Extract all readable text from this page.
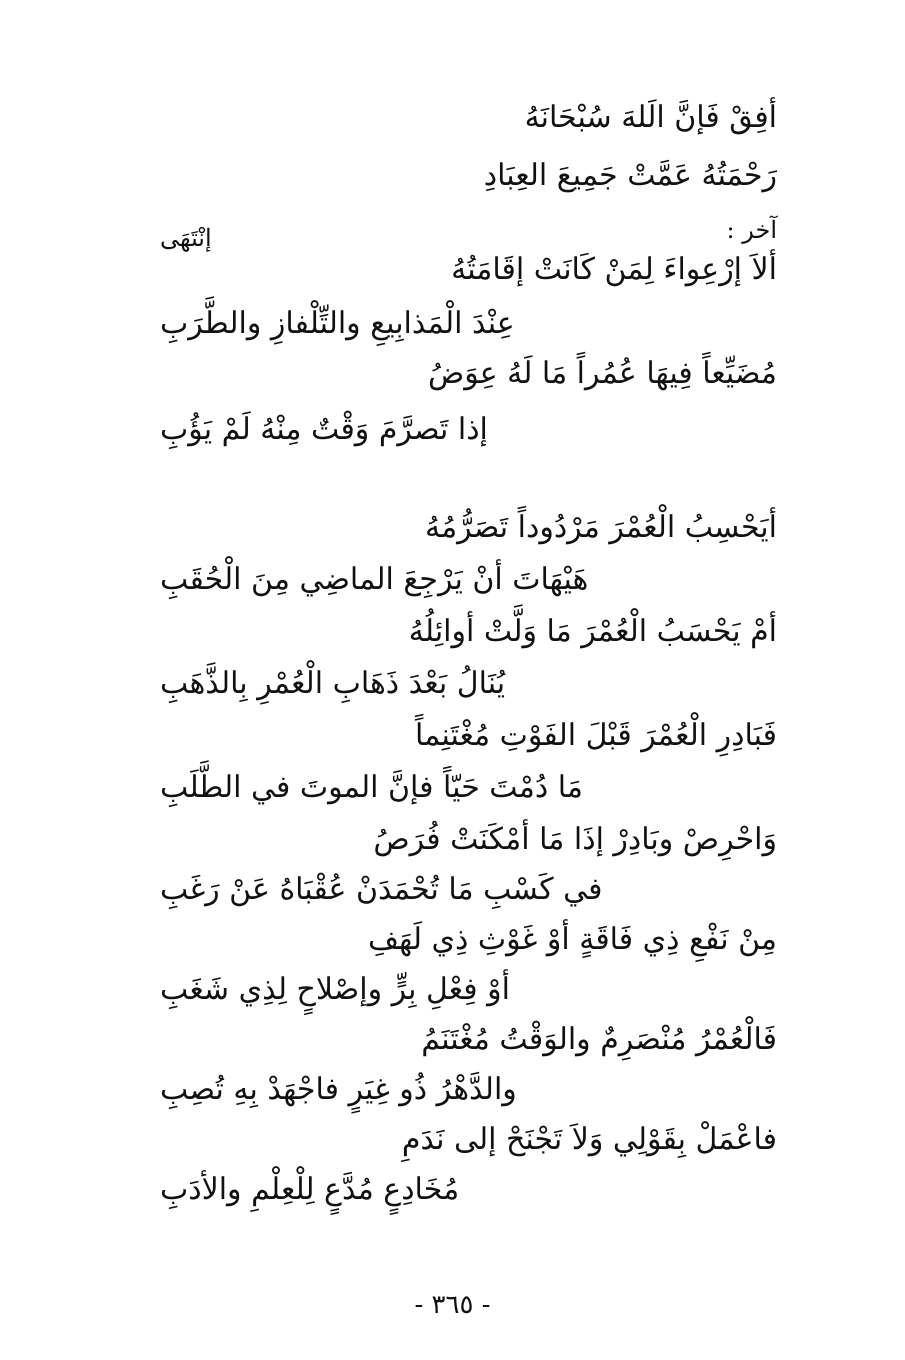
أفِقْ فَإنَّ الَلهَ سُبْحَانَهُ
رَحْمَتُهُ عَمَّتْ جَمِيعَ العِبَادِ
آخر :
إنْتَهَى
ألاَ إرْعِواءَ لِمَنْ كَانَتْ إقَامَتُهُ
عِنْدَ الْمَذابِيعِ والتِّلْفازِ والطَّرَبِ
مُضَيِّعاً فِيهَا عُمُراً مَا لَهُ عِوَضُ
إذا تَصرَّمَ وَقْتٌ مِنْهُ لَمْ يَؤُبِ
أيَحْسِبُ الْعُمْرَ مَرْدُوداً تَصَرُّمُهُ
هَيْهَاتَ أنْ يَرْجِعَ الماضِي مِنَ الْحُقَبِ
أمْ يَحْسَبُ الْعُمْرَ مَا وَلَّتْ أوائِلُهُ
يُنَالُ بَعْدَ ذَهَابِ الْعُمْرِ بِالذَّهَبِ
فَبَادِرِ الْعُمْرَ قَبْلَ الفَوْتِ مُغْتَنِماً
مَا دُمْتَ حَيّاً فإنَّ الموتَ في الطَّلَبِ
وَاحْرِصْ وبَادِرْ إذَا مَا أمْكَنَتْ فُرَصُ
في كَسْبِ مَا تُحْمَدَنْ عُقْبَاهُ عَنْ رَغَبِ
مِنْ نَفْعِ ذِي فَاقَةٍ أوْ غَوْثِ ذِي لَهَفِ
أوْ فِعْلِ بِرٍّ وإصْلاحٍ لِذِي شَغَبِ
فَالْعُمْرُ مُنْصَرِمٌ والوَقْتُ مُغْتَنَمُ
والدَّهْرُ ذُو غِيَرٍ فاجْهَدْ بِهِ تُصِبِ
فاعْمَلْ بِقَوْلِي وَلاَ تَجْنَحْ إلى نَدَمِ
مُخَادِعٍ مُدَّعٍ لِلْعِلْمِ والأدَبِ
- ٣٦٥ -
